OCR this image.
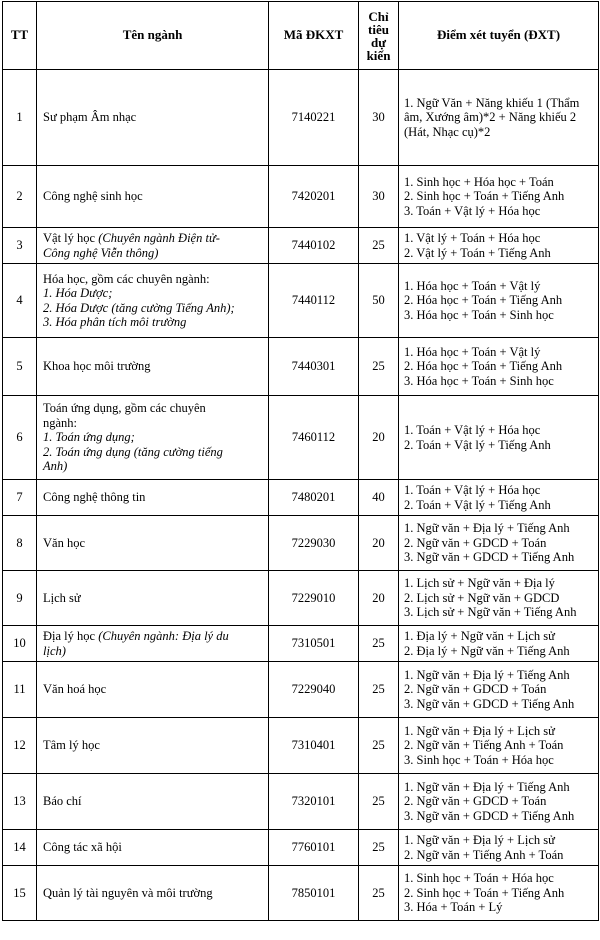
TT	Tên ngành	Mã ĐKXT	Chỉ
tiêu
dự
kiến	Điểm xét tuyển (ĐXT)
1	Sư phạm Âm nhạc	7140221	30	1. Ngữ Văn + Năng khiếu 1 (Thẩm
âm, Xướng âm)*2 + Năng khiếu 2
(Hát, Nhạc cụ)*2

2	Công nghệ sinh học	7420201	30	1. Sinh học + Hóa học + Toán
2. Sinh học + Toán + Tiếng Anh
3. Toán + Vật lý + Hóa học

3	Vật lý học (Chuyên ngành Điện tử-
Công nghệ Viễn thông)	7440102	25	1. Vật lý + Toán + Hóa học
2. Vật lý + Toán + Tiếng Anh

4	Hóa học, gồm các chuyên ngành:
1. Hóa Dược;
2. Hóa Dược (tăng cường Tiếng Anh);
3. Hóa phân tích môi trường	7440112	50	1. Hóa học + Toán + Vật lý
2. Hóa học + Toán + Tiếng Anh
3. Hóa học + Toán + Sinh học

5	Khoa học môi trường	7440301	25	1. Hóa học + Toán + Vật lý
2. Hóa học + Toán + Tiếng Anh
3. Hóa học + Toán + Sinh học

6	Toán ứng dụng, gồm các chuyên
ngành:
1. Toán ứng dụng;
2. Toán ứng dụng (tăng cường tiếng
Anh)	7460112	20	1. Toán + Vật lý + Hóa học
2. Toán + Vật lý + Tiếng Anh

7	Công nghệ thông tin	7480201	40	1. Toán + Vật lý + Hóa học
2. Toán + Vật lý + Tiếng Anh

8	Văn học	7229030	20	1. Ngữ văn + Địa lý + Tiếng Anh
2. Ngữ văn + GDCD + Toán
3. Ngữ văn + GDCD + Tiếng Anh

9	Lịch sử	7229010	20	1. Lịch sử + Ngữ văn + Địa lý
2. Lịch sử + Ngữ văn + GDCD
3. Lịch sử + Ngữ văn + Tiếng Anh

10	Địa lý học (Chuyên ngành: Địa lý du
lịch)	7310501	25	1. Địa lý + Ngữ văn + Lịch sử
2. Địa lý + Ngữ văn + Tiếng Anh

11	Văn hoá học	7229040	25	1. Ngữ văn + Địa lý + Tiếng Anh
2. Ngữ văn + GDCD + Toán
3. Ngữ văn + GDCD + Tiếng Anh

12	Tâm lý học	7310401	25	1. Ngữ văn + Địa lý + Lịch sử
2. Ngữ văn + Tiếng Anh + Toán
3. Sinh học + Toán + Hóa học

13	Báo chí	7320101	25	1. Ngữ văn + Địa lý + Tiếng Anh
2. Ngữ văn + GDCD + Toán
3. Ngữ văn + GDCD + Tiếng Anh

14	Công tác xã hội	7760101	25	1. Ngữ văn + Địa lý + Lịch sử
2. Ngữ văn + Tiếng Anh + Toán

15	Quản lý tài nguyên và môi trường	7850101	25	1. Sinh học + Toán + Hóa học
2. Sinh học + Toán + Tiếng Anh
3. Hóa + Toán + Lý
